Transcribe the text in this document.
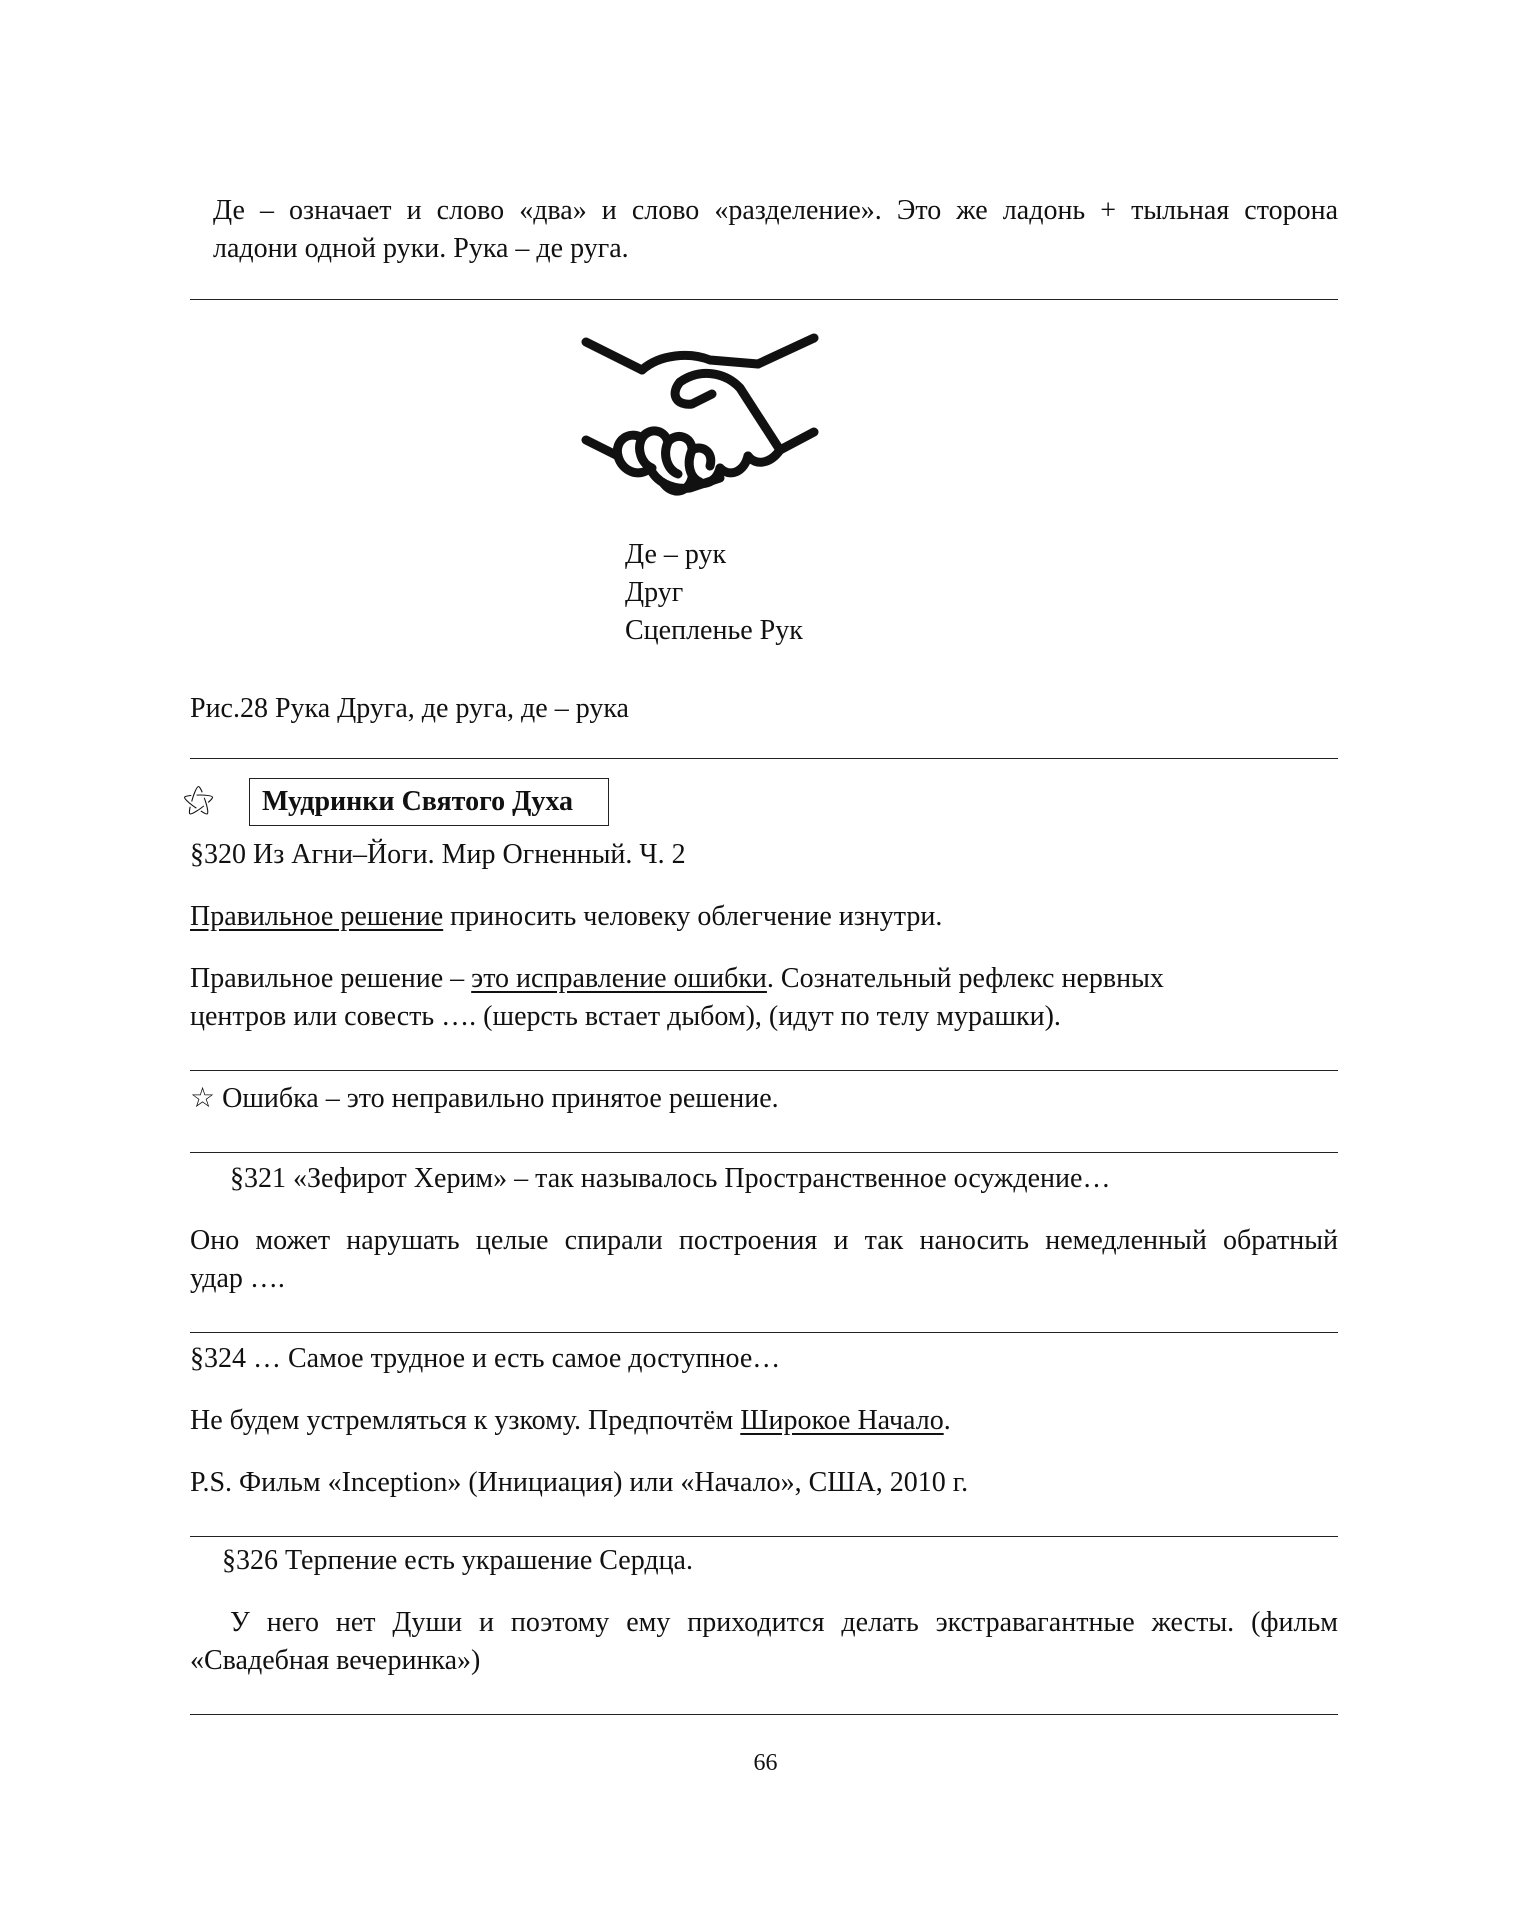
Де – означает и слово «два» и слово «разделение». Это же ладонь + тыльная сторона
ладони одной руки. Рука – де руга.
Де – рук
Друг
Сцепленье Рук
Рис.28 Рука Друга, де руга, де – рука
⚝	Мудринки Святого Духа
§320 Из Агни–Йоги. Мир Огненный. Ч. 2
Правильное решение приносить человеку облегчение изнутри.
Правильное решение – это исправление ошибки. Сознательный рефлекс нервных
центров или совесть …. (шерсть встает дыбом), (идут по телу мурашки).
☆ Ошибка – это неправильно принятое решение.
§321 «Зефирот Херим» – так называлось Пространственное осуждение…
Оно может нарушать целые спирали построения и так наносить немедленный обратный
удар ….
§324 … Самое трудное и есть самое доступное…
Не будем устремляться к узкому. Предпочтём Широкое Начало.
P.S. Фильм «Inception» (Инициация) или «Начало», США, 2010 г.
§326 Терпение есть украшение Сердца.
У него нет Души и поэтому ему приходится делать экстравагантные жесты. (фильм
«Свадебная вечеринка»)
66
